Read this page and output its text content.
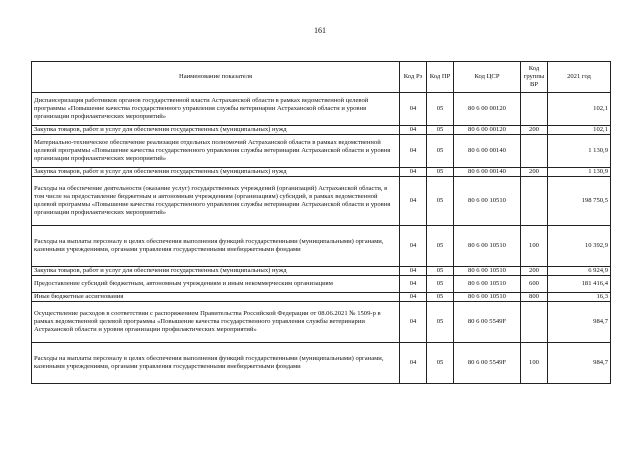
161
Наименование показателя	Код Рз	Код ПР	Код ЦСР	Код группы ВР	2021 год
Диспансеризация работников органов государственной власти Астраханской области в рамках ведомственной целевой программы «Повышение качества государственного управления службы ветеринарии Астраханской области и уровня организации профилактических мероприятий»	04	05	80 6 00 00120		102,1
Закупка товаров, работ и услуг для обеспечения государственных (муниципальных) нужд	04	05	80 6 00 00120	200	102,1
Материально-техническое обеспечение реализации отдельных полномочий Астраханской области в рамках ведомственной целевой программы «Повышение качества государственного управления службы ветеринарии Астраханской области и уровня организации профилактических мероприятий»	04	05	80 6 00 00140		1 130,9
Закупка товаров, работ и услуг для обеспечения государственных (муниципальных) нужд	04	05	80 6 00 00140	200	1 130,9
Расходы на обеспечение деятельности (оказание услуг) государственных учреждений (организаций) Астраханской области, в том числе на предоставление бюджетным и автономным учреждениям (организациям) субсидий, в рамках ведомственной целевой программы «Повышение качества государственного управления службы ветеринарии Астраханской области и уровня организации профилактических мероприятий»	04	05	80 6 00 10510		198 750,5
Расходы на выплаты персоналу в целях обеспечения выполнения функций государственными (муниципальными) органами, казенными учреждениями, органами управления государственными внебюджетными фондами	04	05	80 6 00 10510	100	10 392,9
Закупка товаров, работ и услуг для обеспечения государственных (муниципальных) нужд	04	05	80 6 00 10510	200	6 924,9
Предоставление субсидий бюджетным, автономным учреждениям и иным некоммерческим организациям	04	05	80 6 00 10510	600	181 416,4
Иные бюджетные ассигнования	04	05	80 6 00 10510	800	16,3
Осуществление расходов в соответствии с распоряжением Правительства Российской Федерации от 08.06.2021 № 1509-р в рамках ведомственной целевой программы «Повышение качества государственного управления службы ветеринарии Астраханской области и уровня организации профилактических мероприятий»	04	05	80 6 00 5549F		984,7
Расходы на выплаты персоналу в целях обеспечения выполнения функций государственными (муниципальными) органами, казенными учреждениями, органами управления государственными внебюджетными фондами	04	05	80 6 00 5549F	100	984,7
